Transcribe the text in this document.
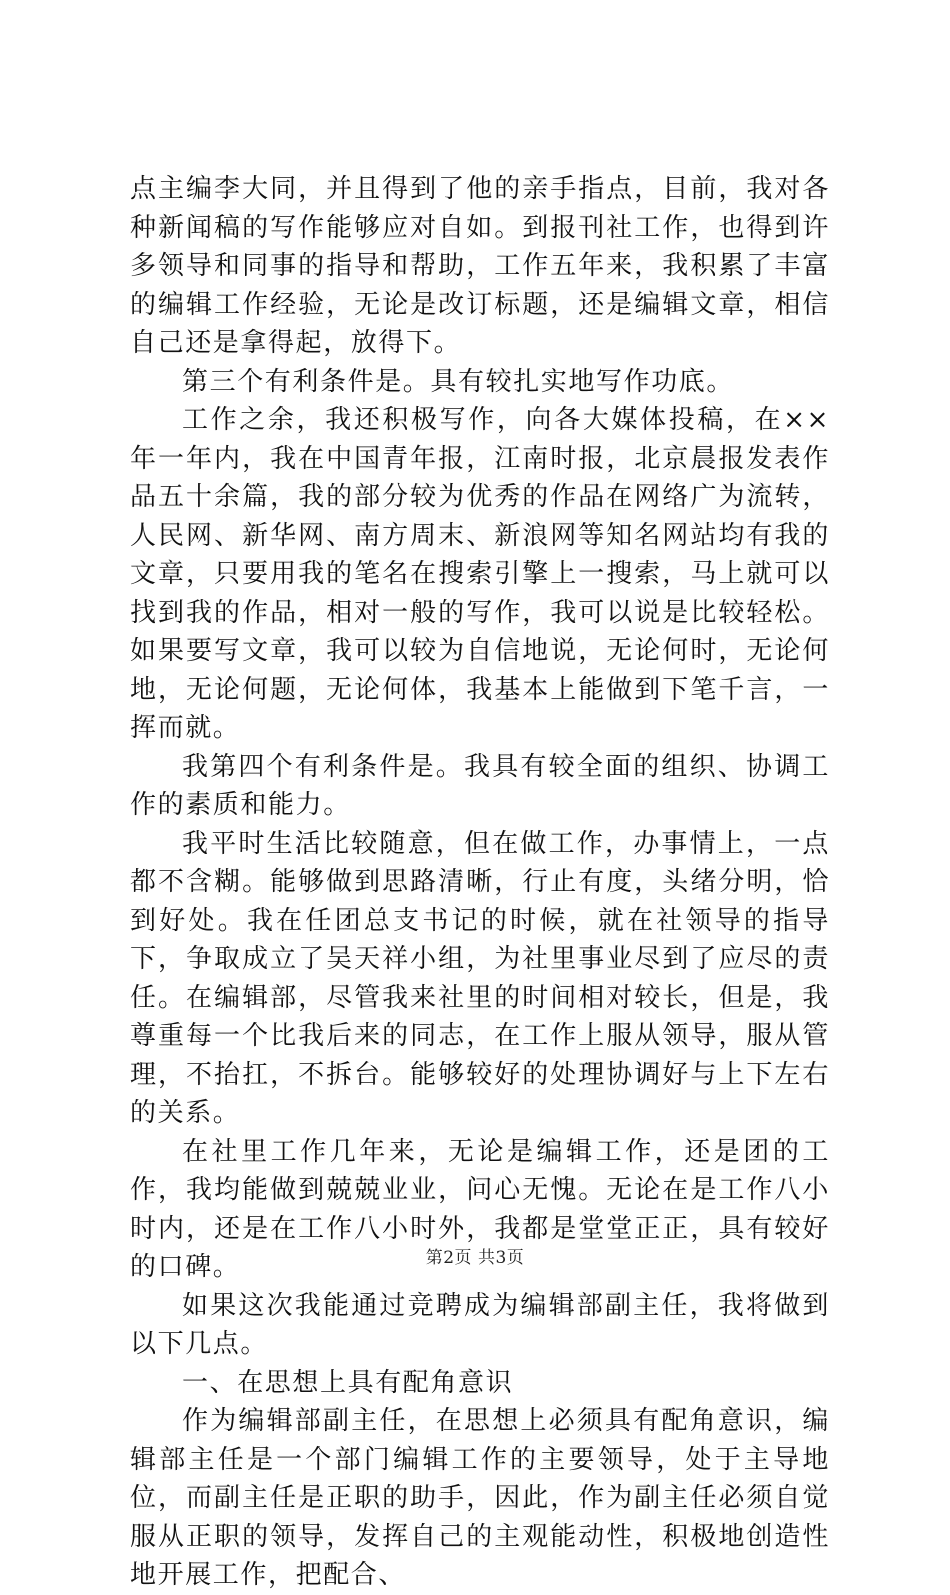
点主编李大同，并且得到了他的亲手指点，目前，我对各种新闻稿的写作能够应对自如。到报刊社工作，也得到许多领导和同事的指导和帮助，工作五年来，我积累了丰富的编辑工作经验，无论是改订标题，还是编辑文章，相信自己还是拿得起，放得下。

第三个有利条件是。具有较扎实地写作功底。

工作之余，我还积极写作，向各大媒体投稿，在××年一年内，我在中国青年报，江南时报，北京晨报发表作品五十余篇，我的部分较为优秀的作品在网络广为流转，人民网、新华网、南方周末、新浪网等知名网站均有我的文章，只要用我的笔名在搜索引擎上一搜索，马上就可以找到我的作品，相对一般的写作，我可以说是比较轻松。如果要写文章，我可以较为自信地说，无论何时，无论何地，无论何题，无论何体，我基本上能做到下笔千言，一挥而就。

我第四个有利条件是。我具有较全面的组织、协调工作的素质和能力。

我平时生活比较随意，但在做工作，办事情上，一点都不含糊。能够做到思路清晰，行止有度，头绪分明，恰到好处。我在任团总支书记的时候，就在社领导的指导下，争取成立了吴天祥小组，为社里事业尽到了应尽的责任。在编辑部，尽管我来社里的时间相对较长，但是，我尊重每一个比我后来的同志，在工作上服从领导，服从管理，不抬扛，不拆台。能够较好的处理协调好与上下左右的关系。

在社里工作几年来，无论是编辑工作，还是团的工作，我均能做到兢兢业业，问心无愧。无论在是工作八小时内，还是在工作八小时外，我都是堂堂正正，具有较好的口碑。

如果这次我能通过竞聘成为编辑部副主任，我将做到以下几点。

一、在思想上具有配角意识

作为编辑部副主任，在思想上必须具有配角意识，编辑部主任是一个部门编辑工作的主要领导，处于主导地位，而副主任是正职的助手，因此，作为副主任必须自觉服从正职的领导，发挥自己的主观能动性，积极地创造性地开展工作，把配合、

第2页 共3页
